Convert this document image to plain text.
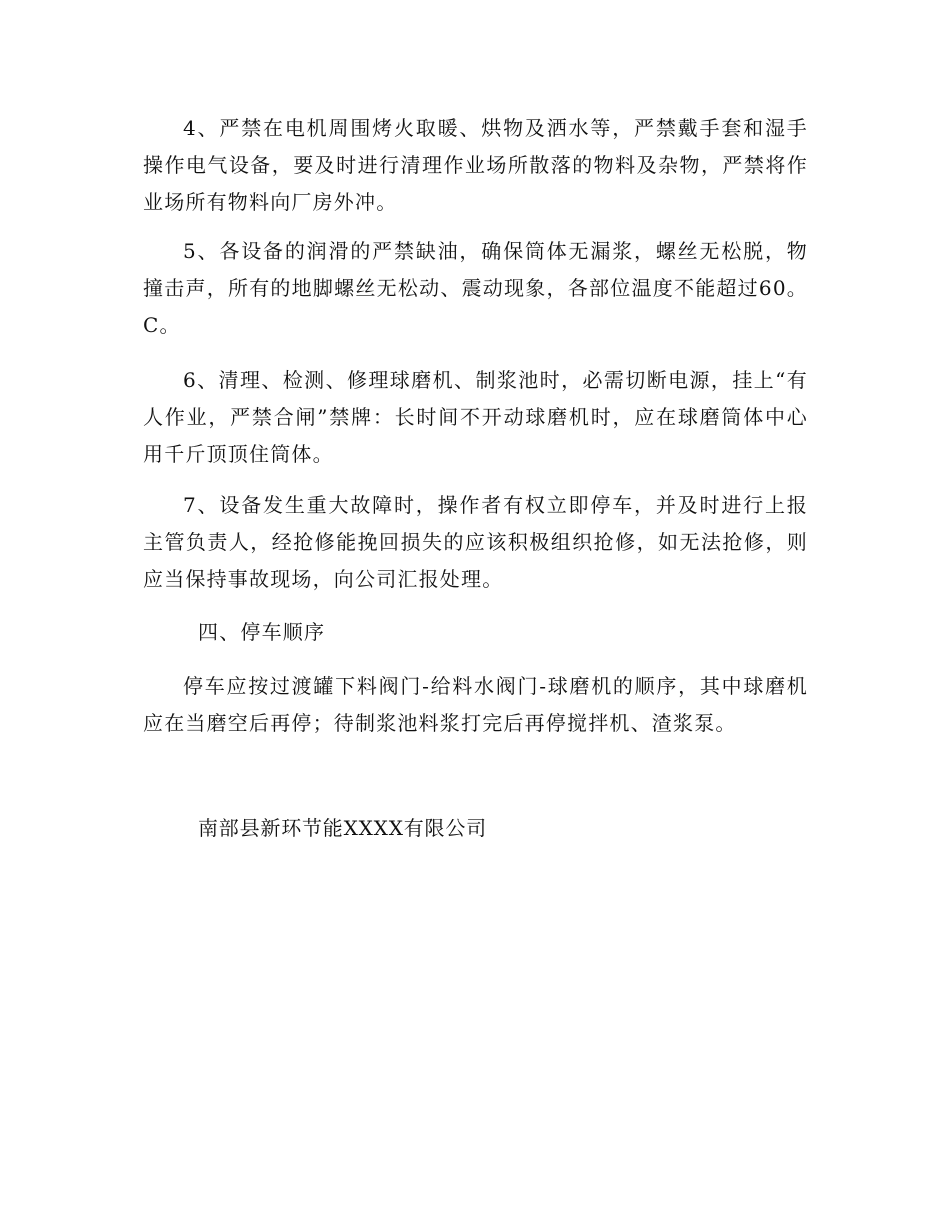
4、严禁在电机周围烤火取暖、烘物及洒水等，严禁戴手套和湿手操作电气设备，要及时进行清理作业场所散落的物料及杂物，严禁将作业场所有物料向厂房外冲。

5、各设备的润滑的严禁缺油，确保筒体无漏浆，螺丝无松脱，物撞击声，所有的地脚螺丝无松动、震动现象，各部位温度不能超过60。C。

6、清理、检测、修理球磨机、制浆池时，必需切断电源，挂上“有人作业，严禁合闸”禁牌：长时间不开动球磨机时，应在球磨筒体中心用千斤顶顶住筒体。

7、设备发生重大故障时，操作者有权立即停车，并及时进行上报主管负责人，经抢修能挽回损失的应该积极组织抢修，如无法抢修，则应当保持事故现场，向公司汇报处理。

四、停车顺序

停车应按过渡罐下料阀门-给料水阀门-球磨机的顺序，其中球磨机应在当磨空后再停；待制浆池料浆打完后再停搅拌机、渣浆泵。

南部县新环节能XXXX有限公司
